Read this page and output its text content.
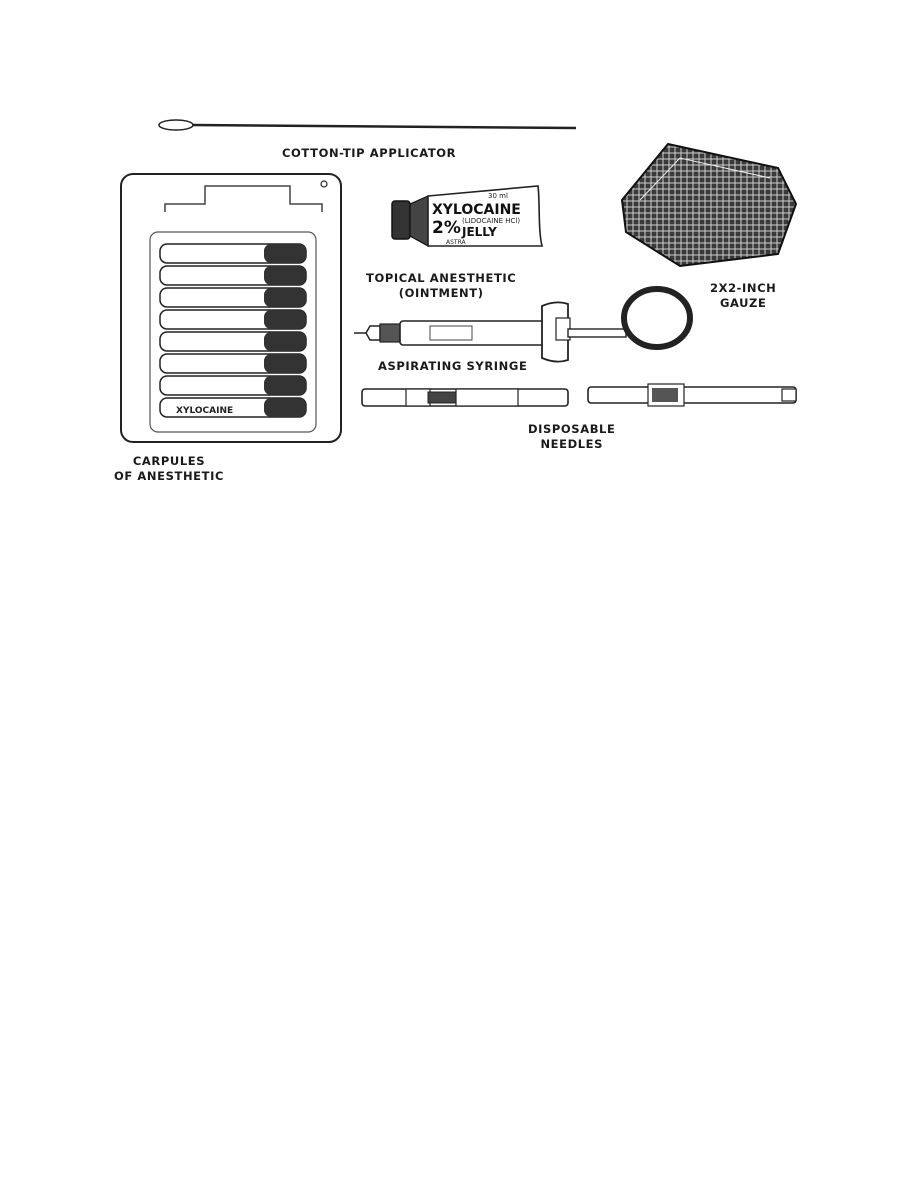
XYLOCAINE
30 ml
XYLOCAINE
2% (LIDOCAINE HCl)
JELLY
ASTRA
COTTON-TIP APPLICATOR
TOPICAL ANESTHETIC
(OINTMENT)	2X2-INCH
GAUZE
ASPIRATING SYRINGE
DISPOSABLE
NEEDLES
CARPULES
OF ANESTHETIC
